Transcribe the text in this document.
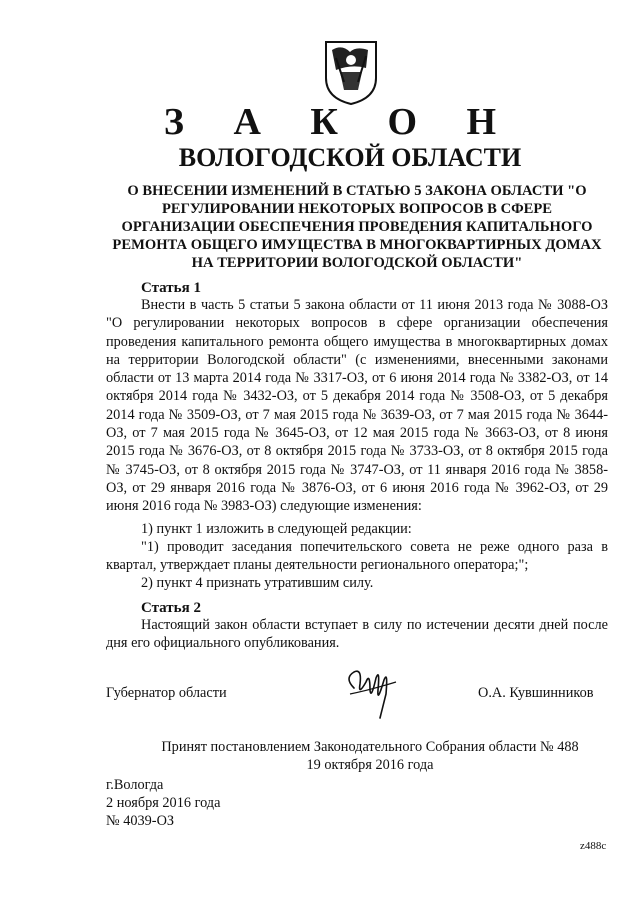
З А К О Н
ВОЛОГОДСКОЙ ОБЛАСТИ
О ВНЕСЕНИИ ИЗМЕНЕНИЙ В СТАТЬЮ 5 ЗАКОНА ОБЛАСТИ "О РЕГУЛИРОВАНИИ НЕКОТОРЫХ ВОПРОСОВ В СФЕРЕ ОРГАНИЗАЦИИ ОБЕСПЕЧЕНИЯ ПРОВЕДЕНИЯ КАПИТАЛЬНОГО РЕМОНТА ОБЩЕГО ИМУЩЕСТВА В МНОГОКВАРТИРНЫХ ДОМАХ НА ТЕРРИТОРИИ ВОЛОГОДСКОЙ ОБЛАСТИ"
Статья 1
Внести в часть 5 статьи 5 закона области от 11 июня 2013 года № 3088-ОЗ "О регулировании некоторых вопросов в сфере организации обеспечения проведения капитального ремонта общего имущества в многоквартирных домах на территории Вологодской области" (с изменениями, внесенными законами области от 13 марта 2014 года № 3317-ОЗ, от 6 июня 2014 года № 3382-ОЗ, от 14 октября 2014 года № 3432-ОЗ, от 5 декабря 2014 года № 3508-ОЗ, от 5 декабря 2014 года № 3509-ОЗ, от 7 мая 2015 года № 3639-ОЗ, от 7 мая 2015 года № 3644-ОЗ, от 7 мая 2015 года № 3645-ОЗ, от 12 мая 2015 года № 3663-ОЗ, от 8 июня 2015 года № 3676-ОЗ, от 8 октября 2015 года № 3733-ОЗ, от 8 октября 2015 года № 3745-ОЗ, от 8 октября 2015 года № 3747-ОЗ, от 11 января 2016 года № 3858-ОЗ, от 29 января 2016 года № 3876-ОЗ, от 6 июня 2016 года № 3962-ОЗ, от 29 июня 2016 года № 3983-ОЗ) следующие изменения:
1) пункт 1 изложить в следующей редакции:
"1) проводит заседания попечительского совета не реже одного раза в квартал, утверждает планы деятельности регионального оператора;";
2) пункт 4 признать утратившим силу.
Статья 2
Настоящий закон области вступает в силу по истечении десяти дней после дня его официального опубликования.
Губернатор области	О.А. Кувшинников
Принят постановлением Законодательного Собрания области № 488
19 октября 2016 года
г.Вологда
2 ноября 2016 года
№ 4039-ОЗ
z488c
